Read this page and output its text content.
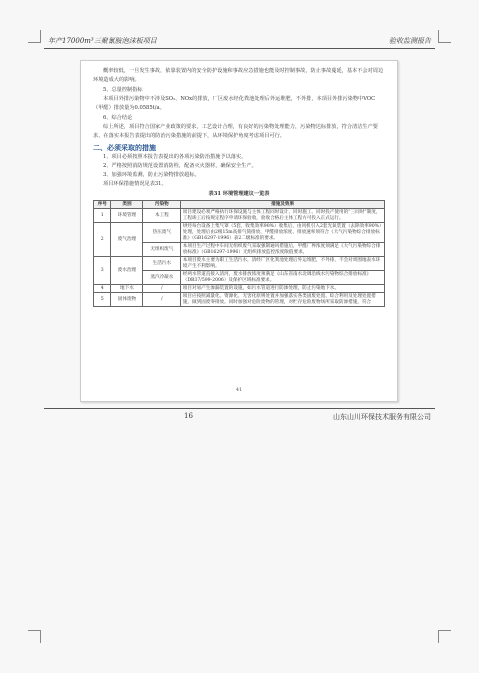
年产17000m³三聚氰胺泡沫板项目	验收监测报告

概率较低，一旦发生事故，依靠装置内的安全防护设施和事故应急措施也能及时控制事故，防止事故蔓延，基本不会对周边环境造成大的影响。

5、总量控制指标

本项目外排污染物中不涉及SO₂、NOx的排放，厂区废水经化粪池处理后外运堆肥，不外排，本项目外排污染物中VOC（甲醛）排放量为0.0585t/a。

6、综合结论

综上所述，项目符合国家产业政策的要求，工艺设计合理，有良好的污染物处理能力，污染物达标排放，符合清洁生产要求，在落实本报告表提出的防治污染措施的前提下，从环境保护角度考虑项目可行。

二、必须采取的措施

1、项目必须按照本报告表提出的各项污染防治措施予以落实。

2、严格按照消防规范设置消防栓，配备灭火器材，确保安全生产。

3、加强环境监测，防止污染物排放超标。

项目环保措施情况见表31。

表31 环境管理建议一览表

序号	类别	污染物	措施及效果
1	环境管理	本工程	项目建设必须严格执行环保设施与主体工程同时设计、同时施工、同时投产使用的“三同时”制度，工程竣工后按规定程序申请环保验收，验收合格后主体工程方可投入正式运行。
2	废气治理	热压废气	烘烃每台设备上集气罩（5套，收集效率90%）收集后，由风机引入2套光氧装置（去除效率90%）处理，处理后由2根15m高排气筒排放，甲醛排放浓度、排放速率须符合《大气污染物综合排放标准》（GB16297-1996）表2二级标准的要求。
		无组织废气	本项目生产过程中车间无组织废气采取强制通风措施后，甲醛厂界浓度须满足《大气污染物综合排放标准》（GB16297-1996）无组织排放监控浓度限值要求。
3	废水治理	生活污水	本项目废水主要为职工生活污水，清经厂区化粪池处理后外运堆肥，不外排，不会对周围地表水环境产生不利影响。
		蒸汽冷凝水	经两水管道直接入清河，废水排放浓度须满足《山东省南水北调沿线水污染物综合排放标准》（DB37/599-2006）及保护区域标准要求。
4	地下水	/	项目对易产生渗漏装置的设施，如污水管道进行防渗处理，防止污染地下水。
5	固体废物	/	项目应按照减量化、资源化、无害化原则处置并加强落实各类固废处置、综合利用及处理处置措施，做到固废零排放。同时加强对危险废物的管理，对贮存危险废物场所采取防渗措施，符合
41
16	山东山川环保技术服务有限公司
